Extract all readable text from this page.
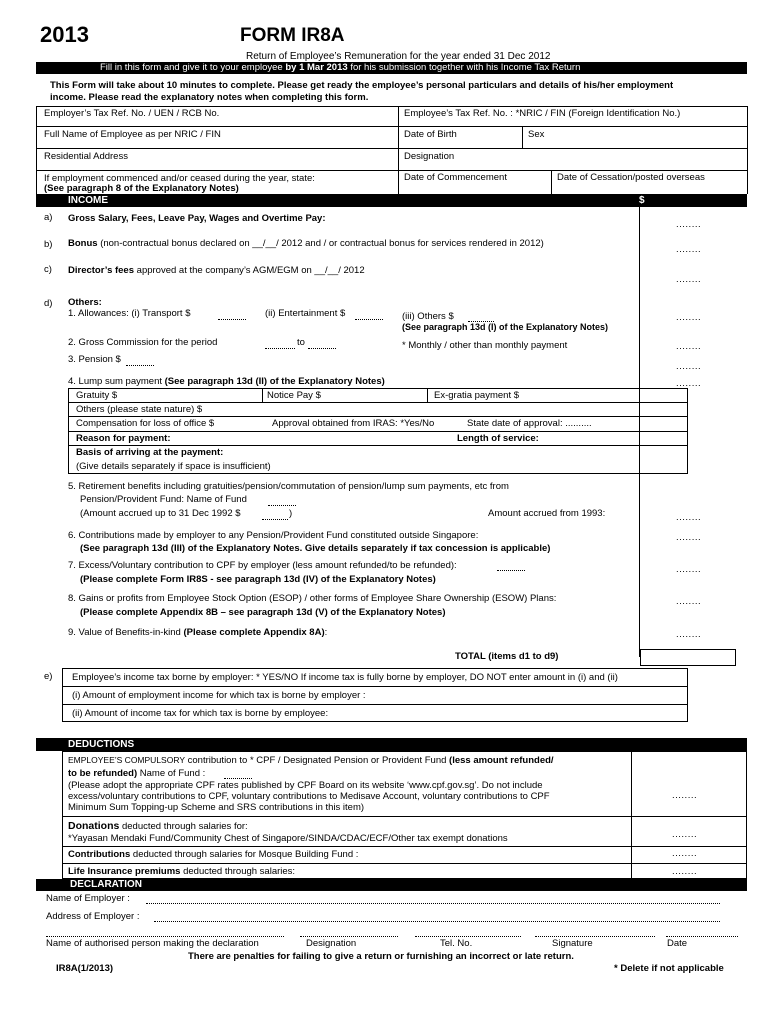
2013	FORM IR8A
Return of Employee’s Remuneration for the year ended 31 Dec 2012
Fill in this form and give it to your employee by 1 Mar 2013 for his submission together with his Income Tax Return
This Form will take about 10 minutes to complete. Please get ready the employee’s personal particulars and details of his/her employment
income. Please read the explanatory notes when completing this form.
Employer’s Tax Ref. No. / UEN / RCB No.	Employee’s Tax Ref. No. : *NRIC / FIN (Foreign Identification No.)
Full Name of Employee as per NRIC / FIN	Date of Birth	Sex
Residential Address	Designation
If employment commenced and/or ceased during the year, state:
(See paragraph 8 of the Explanatory Notes)
Date of Commencement	Date of Cessation/posted overseas
INCOME	$
a) Gross Salary, Fees, Leave Pay, Wages and Overtime Pay:
........
b) Bonus (non-contractual bonus declared on __/__/ 2012 and / or contractual bonus for services rendered in 2012)
........
c) Director’s fees approved at the company’s AGM/EGM on __/__/ 2012
........
d) Others:
1. Allowances: (i) Transport $	(ii) Entertainment $	(iii) Others $
(See paragraph 13d (I) of the Explanatory Notes)
........
2. Gross Commission for the period	to	* Monthly / other than monthly payment	........
3. Pension $
........
4. Lump sum payment (See paragraph 13d (II) of the Explanatory Notes)	........
Gratuity $	Notice Pay $	Ex-gratia payment $
Others (please state nature) $
Compensation for loss of office $	Approval obtained from IRAS: *Yes/No	State date of approval: ..........
Reason for payment:	Length of service:
Basis of arriving at the payment:
(Give details separately if space is insufficient)
5. Retirement benefits including gratuities/pension/commutation of pension/lump sum payments, etc from
Pension/Provident Fund: Name of Fund
(Amount accrued up to 31 Dec 1992 $	)	Amount accrued from 1993:	........
6. Contributions made by employer to any Pension/Provident Fund constituted outside Singapore:
(See paragraph 13d (III) of the Explanatory Notes. Give details separately if tax concession is applicable)
........
7. Excess/Voluntary contribution to CPF by employer (less amount refunded/to be refunded):
(Please complete Form IR8S - see paragraph 13d (IV) of the Explanatory Notes)
........
8. Gains or profits from Employee Stock Option (ESOP) / other forms of Employee Share Ownership (ESOW) Plans:
(Please complete Appendix 8B – see paragraph 13d (V) of the Explanatory Notes)
........
9. Value of Benefits-in-kind (Please complete Appendix 8A):	........
TOTAL (items d1 to d9)
e) Employee’s income tax borne by employer: * YES/NO If income tax is fully borne by employer, DO NOT enter amount in (i) and (ii)
(i) Amount of employment income for which tax is borne by employer :
(ii) Amount of income tax for which tax is borne by employee:
DEDUCTIONS
EMPLOYEE’S COMPULSORY contribution to * CPF / Designated Pension or Provident Fund (less amount refunded/
to be refunded) Name of Fund :
(Please adopt the appropriate CPF rates published by CPF Board on its website ‘www.cpf.gov.sg’. Do not include
excess/voluntary contributions to CPF, voluntary contributions to Medisave Account, voluntary contributions to CPF
Minimum Sum Topping-up Scheme and SRS contributions in this item)
........
Donations deducted through salaries for:
*Yayasan Mendaki Fund/Community Chest of Singapore/SINDA/CDAC/ECF/Other tax exempt donations	........
Contributions deducted through salaries for Mosque Building Fund :	........
Life Insurance premiums deducted through salaries:	........
DECLARATION
Name of Employer :
Address of Employer :
Name of authorised person making the declaration	Designation	Tel. No.	Signature	Date
There are penalties for failing to give a return or furnishing an incorrect or late return.
IR8A(1/2013)	* Delete if not applicable
